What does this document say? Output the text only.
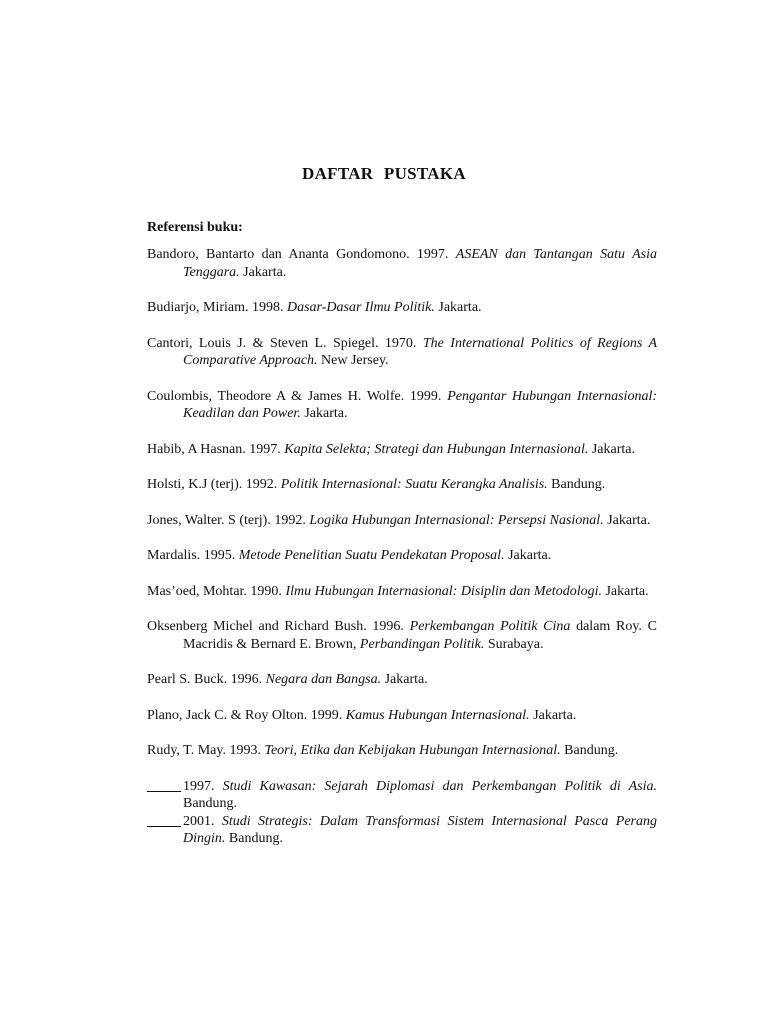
DAFTAR PUSTAKA
Referensi buku:

Bandoro, Bantarto dan Ananta Gondomono. 1997. ASEAN dan Tantangan Satu Asia Tenggara. Jakarta.

Budiarjo, Miriam. 1998. Dasar-Dasar Ilmu Politik. Jakarta.

Cantori, Louis J. & Steven L. Spiegel. 1970. The International Politics of Regions A Comparative Approach. New Jersey.

Coulombis, Theodore A & James H. Wolfe. 1999. Pengantar Hubungan Internasional: Keadilan dan Power. Jakarta.

Habib, A Hasnan. 1997. Kapita Selekta; Strategi dan Hubungan Internasional. Jakarta.

Holsti, K.J (terj). 1992. Politik Internasional: Suatu Kerangka Analisis. Bandung.

Jones, Walter. S (terj). 1992. Logika Hubungan Internasional: Persepsi Nasional. Jakarta.

Mardalis. 1995. Metode Penelitian Suatu Pendekatan Proposal. Jakarta.

Mas’oed, Mohtar. 1990. Ilmu Hubungan Internasional: Disiplin dan Metodologi. Jakarta.

Oksenberg Michel and Richard Bush. 1996. Perkembangan Politik Cina dalam Roy. C Macridis & Bernard E. Brown, Perbandingan Politik. Surabaya.

Pearl S. Buck. 1996. Negara dan Bangsa. Jakarta.

Plano, Jack C. & Roy Olton. 1999. Kamus Hubungan Internasional. Jakarta.

Rudy, T. May. 1993. Teori, Etika dan Kebijakan Hubungan Internasional. Bandung.

1997. Studi Kawasan: Sejarah Diplomasi dan Perkembangan Politik di Asia. Bandung.

2001. Studi Strategis: Dalam Transformasi Sistem Internasional Pasca Perang Dingin. Bandung.
